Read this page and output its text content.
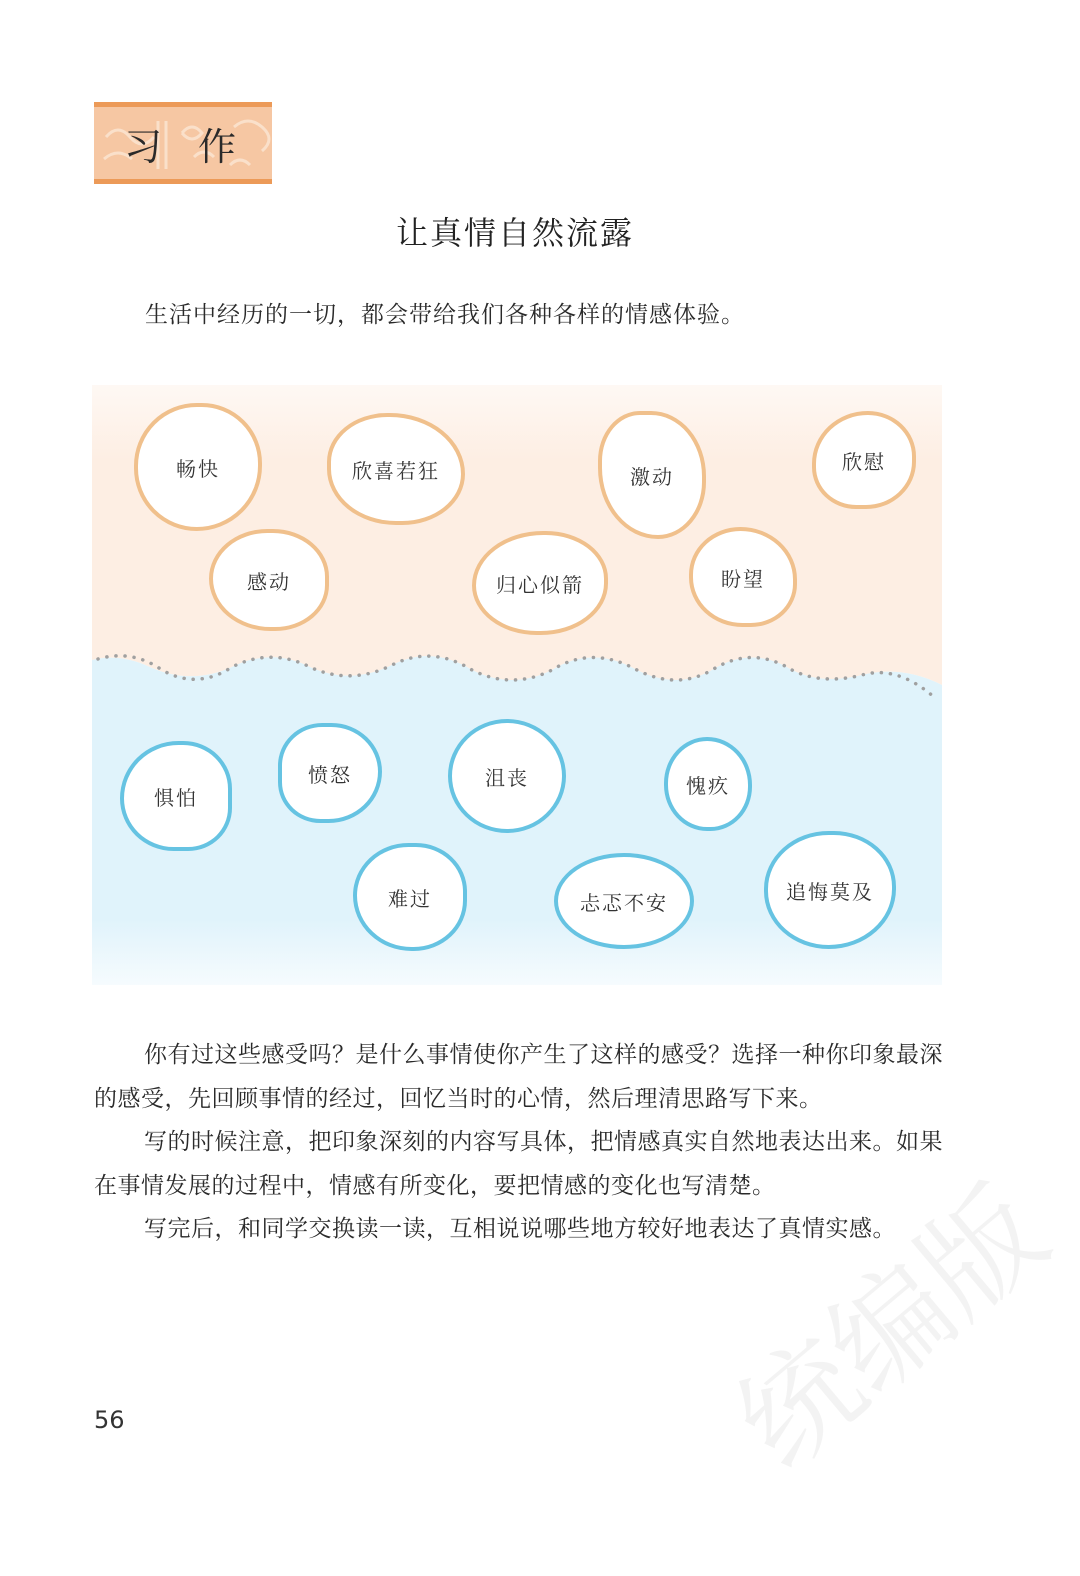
习作
让真情自然流露
生活中经历的一切，都会带给我们各种各样的情感体验。
畅快	欣喜若狂	激动
欣慰
感动	归心似箭	盼望
惧怕
愤怒	沮丧	愧疚
难过	忐忑不安	追悔莫及

你有过这些感受吗？是什么事情使你产生了这样的感受？选择一种你印象最深的感受，先回顾事情的经过，回忆当时的心情，然后理清思路写下来。

写的时候注意，把印象深刻的内容写具体，把情感真实自然地表达出来。如果在事情发展的过程中，情感有所变化，要把情感的变化也写清楚。

写完后，和同学交换读一读，互相说说哪些地方较好地表达了真情实感。

统编版
56
